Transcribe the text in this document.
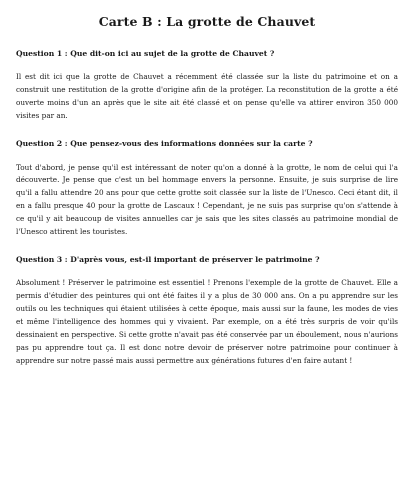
Carte B : La grotte de Chauvet

Question 1 : Que dit-on ici au sujet de la grotte de Chauvet ?

Il est dit ici que la grotte de Chauvet a récemment été classée sur la liste du patrimoine et on a construit une restitution de la grotte d'origine afin de la protéger. La reconstitution de la grotte a été ouverte moins d'un an après que le site ait été classé et on pense qu'elle va attirer environ 350 000 visites par an.

Question 2 : Que pensez-vous des informations données sur la carte ?

Tout d'abord, je pense qu'il est intéressant de noter qu'on a donné à la grotte, le nom de celui qui l'a découverte. Je pense que c'est un bel hommage envers la personne. Ensuite, je suis surprise de lire qu'il a fallu attendre 20 ans pour que cette grotte soit classée sur la liste de l'Unesco. Ceci étant dit, il en a fallu presque 40 pour la grotte de Lascaux ! Cependant, je ne suis pas surprise qu'on s'attende à ce qu'il y ait beaucoup de visites annuelles car je sais que les sites classés au patrimoine mondial de l'Unesco attirent les touristes.

Question 3 : D'après vous, est-il important de préserver le patrimoine ?

Absolument ! Préserver le patrimoine est essentiel ! Prenons l'exemple de la grotte de Chauvet. Elle a permis d'étudier des peintures qui ont été faites il y a plus de 30 000 ans. On a pu apprendre sur les outils ou les techniques qui étaient utilisées à cette époque, mais aussi sur la faune, les modes de vies et même l'intelligence des hommes qui y vivaient. Par exemple, on a été très surpris de voir qu'ils dessinaient en perspective. Si cette grotte n'avait pas été conservée par un éboulement, nous n'aurions pas pu apprendre tout ça. Il est donc notre devoir de préserver notre patrimoine pour continuer à apprendre sur notre passé mais aussi permettre aux générations futures d'en faire autant !
